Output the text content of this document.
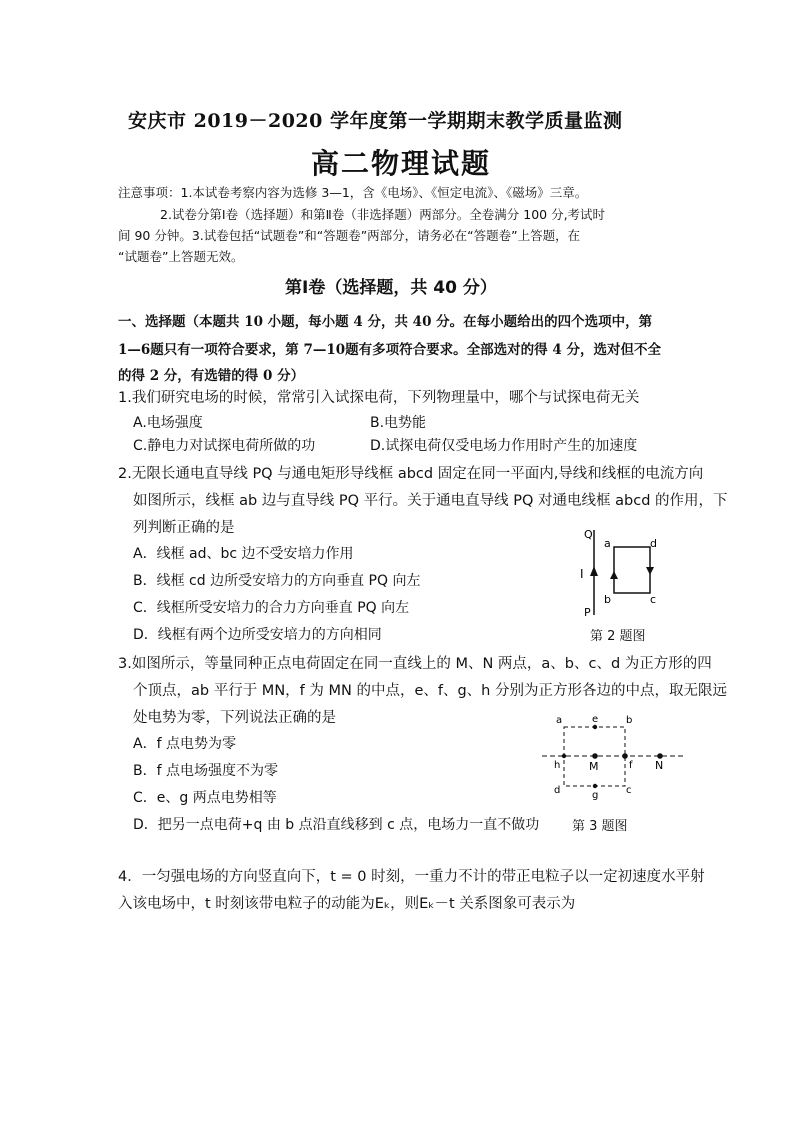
安庆市 2019－2020 学年度第一学期期末教学质量监测
高二物理试题
注意事项：1.本试卷考察内容为选修 3—1，含《电场》、《恒定电流》、《磁场》三章。
2.试卷分第Ⅰ卷（选择题）和第Ⅱ卷（非选择题）两部分。全卷满分 100 分,考试时
间 90 分钟。3.试卷包括“试题卷”和“答题卷”两部分，请务必在“答题卷”上答题，在
“试题卷”上答题无效。
第Ⅰ卷（选择题，共 40 分）
一、选择题（本题共 10 小题，每小题 4 分，共 40 分。在每小题给出的四个选项中，第
1—6题只有一项符合要求，第 7—10题有多项符合要求。全部选对的得 4 分，选对但不全
的得 2 分，有选错的得 0 分）
1.我们研究电场的时候，常常引入试探电荷，下列物理量中，哪个与试探电荷无关
A.电场强度	B.电势能
C.静电力对试探电荷所做的功	D.试探电荷仅受电场力作用时产生的加速度
2.无限长通电直导线 PQ 与通电矩形导线框 abcd 固定在同一平面内,导线和线框的电流方向
如图所示，线框 ab 边与直导线 PQ 平行。关于通电直导线 PQ 对通电线框 abcd 的作用，下
列判断正确的是
A．线框 ad、bc 边不受安培力作用
B．线框 cd 边所受安培力的方向垂直 PQ 向左
C．线框所受安培力的合力方向垂直 PQ 向左
D．线框有两个边所受安培力的方向相同
Q
I
P
a
b	c
d
第 2 题图
3.如图所示，等量同种正点电荷固定在同一直线上的 M、N 两点，a、b、c、d 为正方形的四
个顶点，ab 平行于 MN，f 为 MN 的中点，e、f、g、h 分别为正方形各边的中点，取无限远
处电势为零，下列说法正确的是
A．f 点电势为零
B．f 点电场强度不为零
C．e、g 两点电势相等
D．把另一点电荷+q 由 b 点沿直线移到 c 点，电场力一直不做功
a	e	b
h	M	f N
d	g	c
第 3 题图
4．一匀强电场的方向竖直向下，t = 0 时刻，一重力不计的带正电粒子以一定初速度水平射
入该电场中，t 时刻该带电粒子的动能为Eₖ，则Eₖ－t 关系图象可表示为
